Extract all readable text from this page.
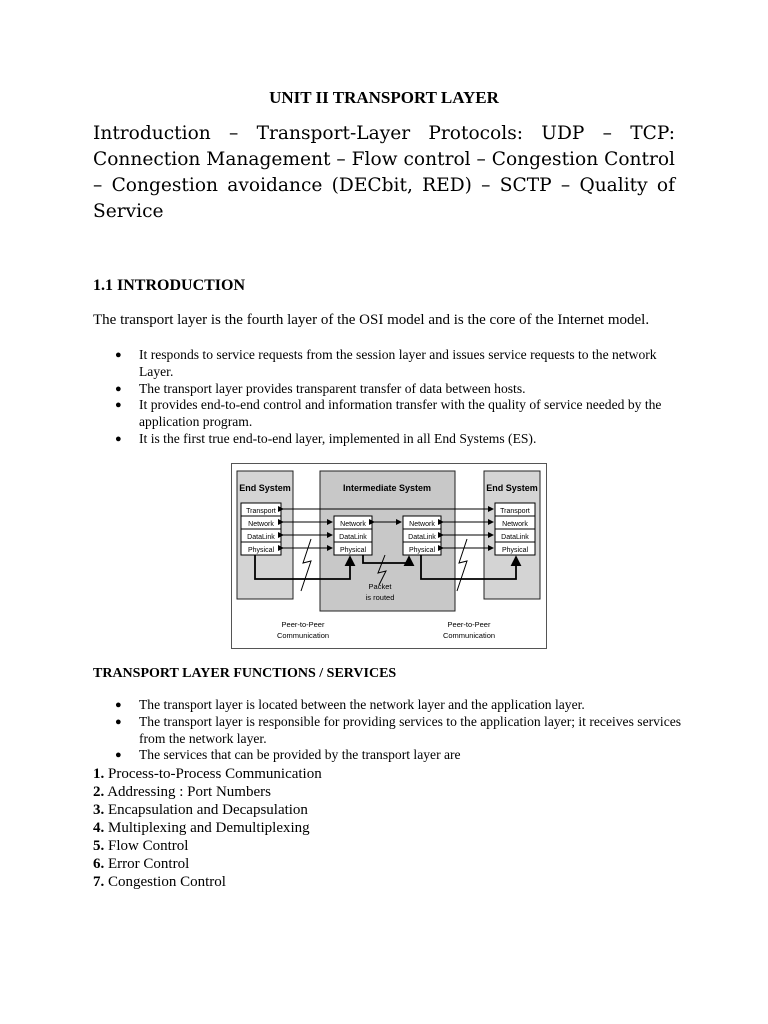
UNIT II TRANSPORT LAYER
Introduction – Transport-Layer Protocols: UDP – TCP: Connection Management – Flow control – Congestion Control – Congestion avoidance (DECbit, RED) – SCTP – Quality of Service
1.1 INTRODUCTION
The transport layer is the fourth layer of the OSI model and is the core of the Internet model.
● It responds to service requests from the session layer and issues service requests to the network Layer.
● The transport layer provides transparent transfer of data between hosts.
● It provides end-to-end control and information transfer with the quality of service needed by the application program.
● It is the first true end-to-end layer, implemented in all End Systems (ES).
End System	Intermediate System	End System
Transport
Network
DataLink
Physical
Transport
Network
DataLink
Physical
Network
DataLink
Physical
Network
DataLink
Physical
Packet
is routed
Peer-to-Peer
Communication
Peer-to-Peer
Communication
TRANSPORT LAYER FUNCTIONS / SERVICES
● The transport layer is located between the network layer and the application layer.
● The transport layer is responsible for providing services to the application layer; it receives services from the network layer.
● The services that can be provided by the transport layer are
1. Process-to-Process Communication
2. Addressing : Port Numbers
3. Encapsulation and Decapsulation
4. Multiplexing and Demultiplexing
5. Flow Control
6. Error Control
7. Congestion Control
